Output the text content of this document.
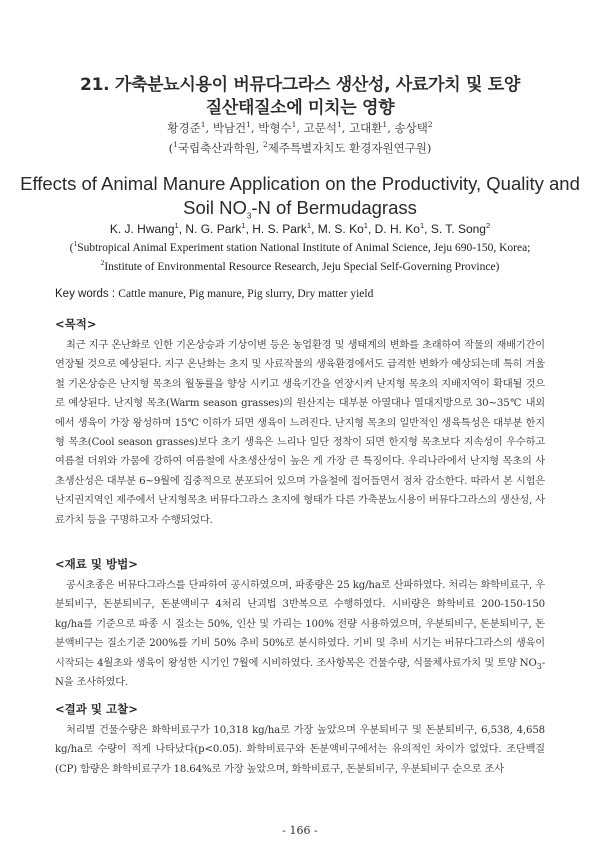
21. 가축분뇨시용이 버뮤다그라스 생산성, 사료가치 및 토양
질산태질소에 미치는 영향
황경준$^1$, 박남건$^1$, 박형수$^1$, 고문석$^1$, 고대환$^1$, 송상택$^2$
($^1$국립축산과학원, $^2$제주특별자치도 환경자원연구원)
Effects of Animal Manure Application on the Productivity, Quality and
Soil $NO_3-N$ of Bermudagrass
K. J. Hwang$^1$, N. G. Park$^1$, H. S. Park$^1$, M. S. Ko$^1$, D. H. Ko$^1$, S. T. Song$^2$
($^1$Subtropical Animal Experiment station National Institute of Animal Science, Jeju 690-150, Korea;
$^2$Institute of Environmental Resource Research, Jeju Special Self-Governing Province)
Key words : Cattle manure, Pig manure, Pig slurry, Dry matter yield
<목적>
최근 지구 온난화로 인한 기온상승과 기상이변 등은 농업환경 및 생태계의 변화를 초래하여 작물의 재배기간이 연장될 것으로 예상된다. 지구 온난화는 초지 및 사료작물의 생육환경에서도 급격한 변화가 예상되는데 특히 겨울철 기온상승은 난지형 목초의 월동률을 향상 시키고 생육기간을 연장시켜 난지형 목초의 지배지역이 확대될 것으로 예상된다. 난지형 목초(Warm season grasses)의 원산지는 대부분 아열대나 열대지방으로 30~35℃ 내외에서 생육이 가장 왕성하며 15℃ 이하가 되면 생육이 느려진다. 난지형 목초의 일반적인 생육특성은 대부분 한지형 목초(Cool season grasses)보다 초기 생육은 느리나 일단 정착이 되면 한지형 목초보다 지속성이 우수하고 여름철 더위와 가뭄에 강하여 여름철에 사초생산성이 높은 게 가장 큰 특징이다. 우리나라에서 난지형 목초의 사초생산성은 대부분 6~9월에 집중적으로 분포되어 있으며 가을철에 접어들면서 점차 감소한다. 따라서 본 시험은 난지권지역인 제주에서 난지형목초 버뮤다그라스 초지에 형태가 다른 가축분뇨시용이 버뮤다그라스의 생산성, 사료가치 등을 구명하고자 수행되었다.
<재료 및 방법>
공시초종은 버뮤다그라스를 단파하여 공시하였으며, 파종량은 25 kg/ha로 산파하였다. 처리는 화학비료구, 우분퇴비구, 돈분퇴비구, 돈분액비구 4처리 난괴법 3반복으로 수행하였다. 시비량은 화학비료 200-150-150 kg/ha를 기준으로 파종 시 질소는 50%, 인산 및 가리는 100% 전량 시용하였으며, 우분퇴비구, 돈분퇴비구, 돈분액비구는 질소기준 200%를 기비 50% 추비 50%로 분시하였다. 기비 및 추비 시기는 버뮤다그라스의 생육이 시작되는 4월초와 생육이 왕성한 시기인 7월에 시비하였다. 조사항목은 건물수량, 식물체사료가치 및 토양 $NO_3-N$을 조사하였다.
<결과 및 고찰>
처리별 건물수량은 화학비료구가 10,318 kg/ha로 가장 높았으며 우분퇴비구 및 돈분퇴비구, 6,538, 4,658 kg/ha로 수량이 적게 나타났다(p<0.05). 화학비료구와 돈분액비구에서는 유의적인 차이가 없었다. 조단백질(CP) 함량은 화학비료구가 18.64%로 가장 높았으며, 화학비료구, 돈분퇴비구, 우분퇴비구 순으로 조사
- 166 -
